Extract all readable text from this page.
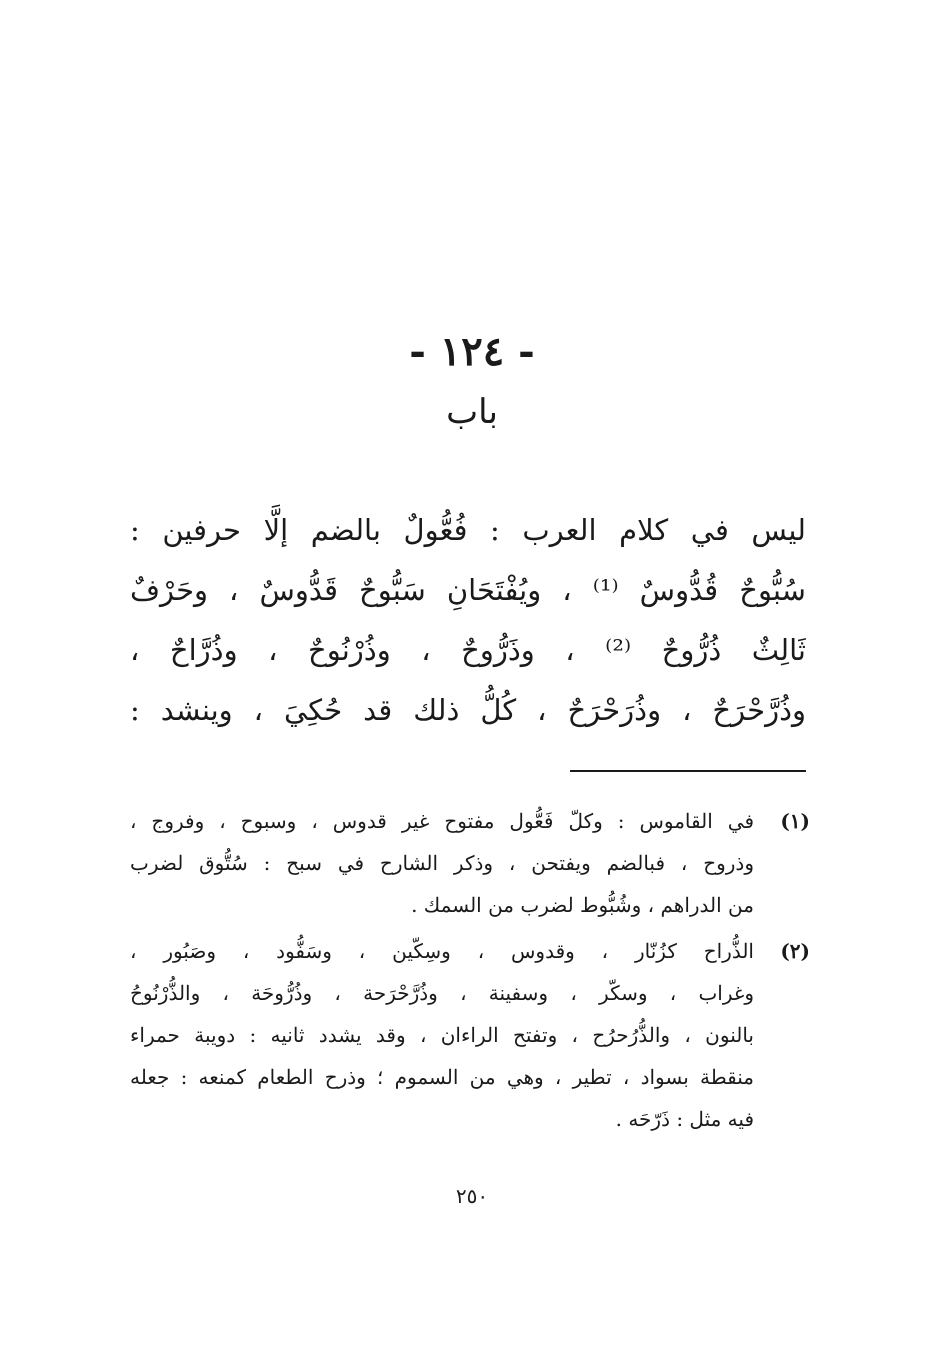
- ١٢٤ -
باب
ليس في كلام العرب : فُعُّولٌ بالضم إلَّا حرفين :
سُبُّوحٌ قُدُّوسٌ ⁽¹⁾ ، ويُفْتَحَانِ سَبُّوحٌ قَدُّوسٌ ، وحَرْفٌ
ثَالِثٌ ذُرُّوحٌ ⁽²⁾ ، وذَرُّوحٌ ، وذُرْنُوحٌ ، وذُرَّاحٌ ،
وذُرَّحْرَحٌ ، وذُرَحْرَحٌ ، كُلُّ ذلك قد حُكِيَ ، وينشد :
(١)
في القاموس : وكلّ فَعُّول مفتوح غير قدوس ، وسبوح ، وفروج ،
وذروح ، فبالضم ويفتحن ، وذكر الشارح في سبح : سُتُّوق لضرب
من الدراهم ، وشُبُّوط لضرب من السمك .
(٢)
الذُّراح كزُنّار ، وقدوس ، وسِكّين ، وسَفُّود ، وصَبُور ،
وغراب ، وسكّر ، وسفينة ، وذُرَّحْرَحة ، وذُرُّوحَة ، والذُّرْنُوحُ
بالنون ، والذُّرُحرُح ، وتفتح الراءان ، وقد يشدد ثانيه : دويبة حمراء
منقطة بسواد ، تطير ، وهي من السموم ؛ وذرح الطعام كمنعه : جعله
فيه مثل : ذَرّحَه .
٢٥٠
